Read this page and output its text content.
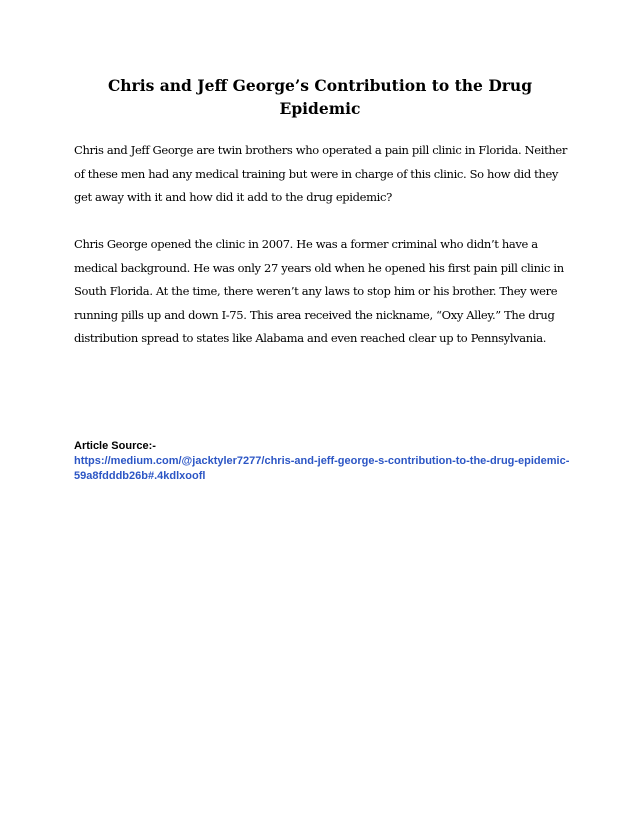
Chris and Jeff George’s Contribution to the Drug Epidemic

Chris and Jeff George are twin brothers who operated a pain pill clinic in Florida. Neither of these men had any medical training but were in charge of this clinic. So how did they get away with it and how did it add to the drug epidemic?

Chris George opened the clinic in 2007. He was a former criminal who didn’t have a medical background. He was only 27 years old when he opened his first pain pill clinic in South Florida. At the time, there weren’t any laws to stop him or his brother. They were running pills up and down I-75. This area received the nickname, “Oxy Alley.” The drug distribution spread to states like Alabama and even reached clear up to Pennsylvania.

Article Source:-
https://medium.com/@jacktyler7277/chris-and-jeff-george-s-contribution-to-the-drug-epidemic-59a8fdddb26b#.4kdlxoofl
